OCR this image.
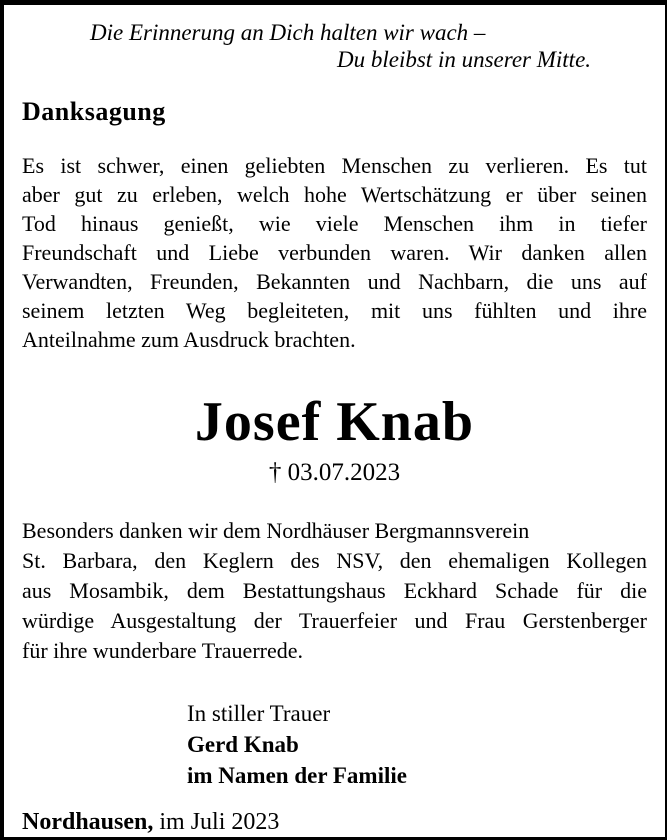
Die Erinnerung an Dich halten wir wach –
Du bleibst in unserer Mitte.
Danksagung
Es ist schwer, einen geliebten Menschen zu verlieren. Es tut
aber gut zu erleben, welch hohe Wertschätzung er über seinen
Tod hinaus genießt, wie viele Menschen ihm in tiefer
Freundschaft und Liebe verbunden waren. Wir danken allen
Verwandten, Freunden, Bekannten und Nachbarn, die uns auf
seinem letzten Weg begleiteten, mit uns fühlten und ihre
Anteilnahme zum Ausdruck brachten.
Josef Knab
† 03.07.2023
Besonders danken wir dem Nordhäuser Bergmannsverein
St. Barbara, den Keglern des NSV, den ehemaligen Kollegen
aus Mosambik, dem Bestattungshaus Eckhard Schade für die
würdige Ausgestaltung der Trauerfeier und Frau Gerstenberger
für ihre wunderbare Trauerrede.
In stiller Trauer
Gerd Knab
im Namen der Familie
Nordhausen, im Juli 2023
